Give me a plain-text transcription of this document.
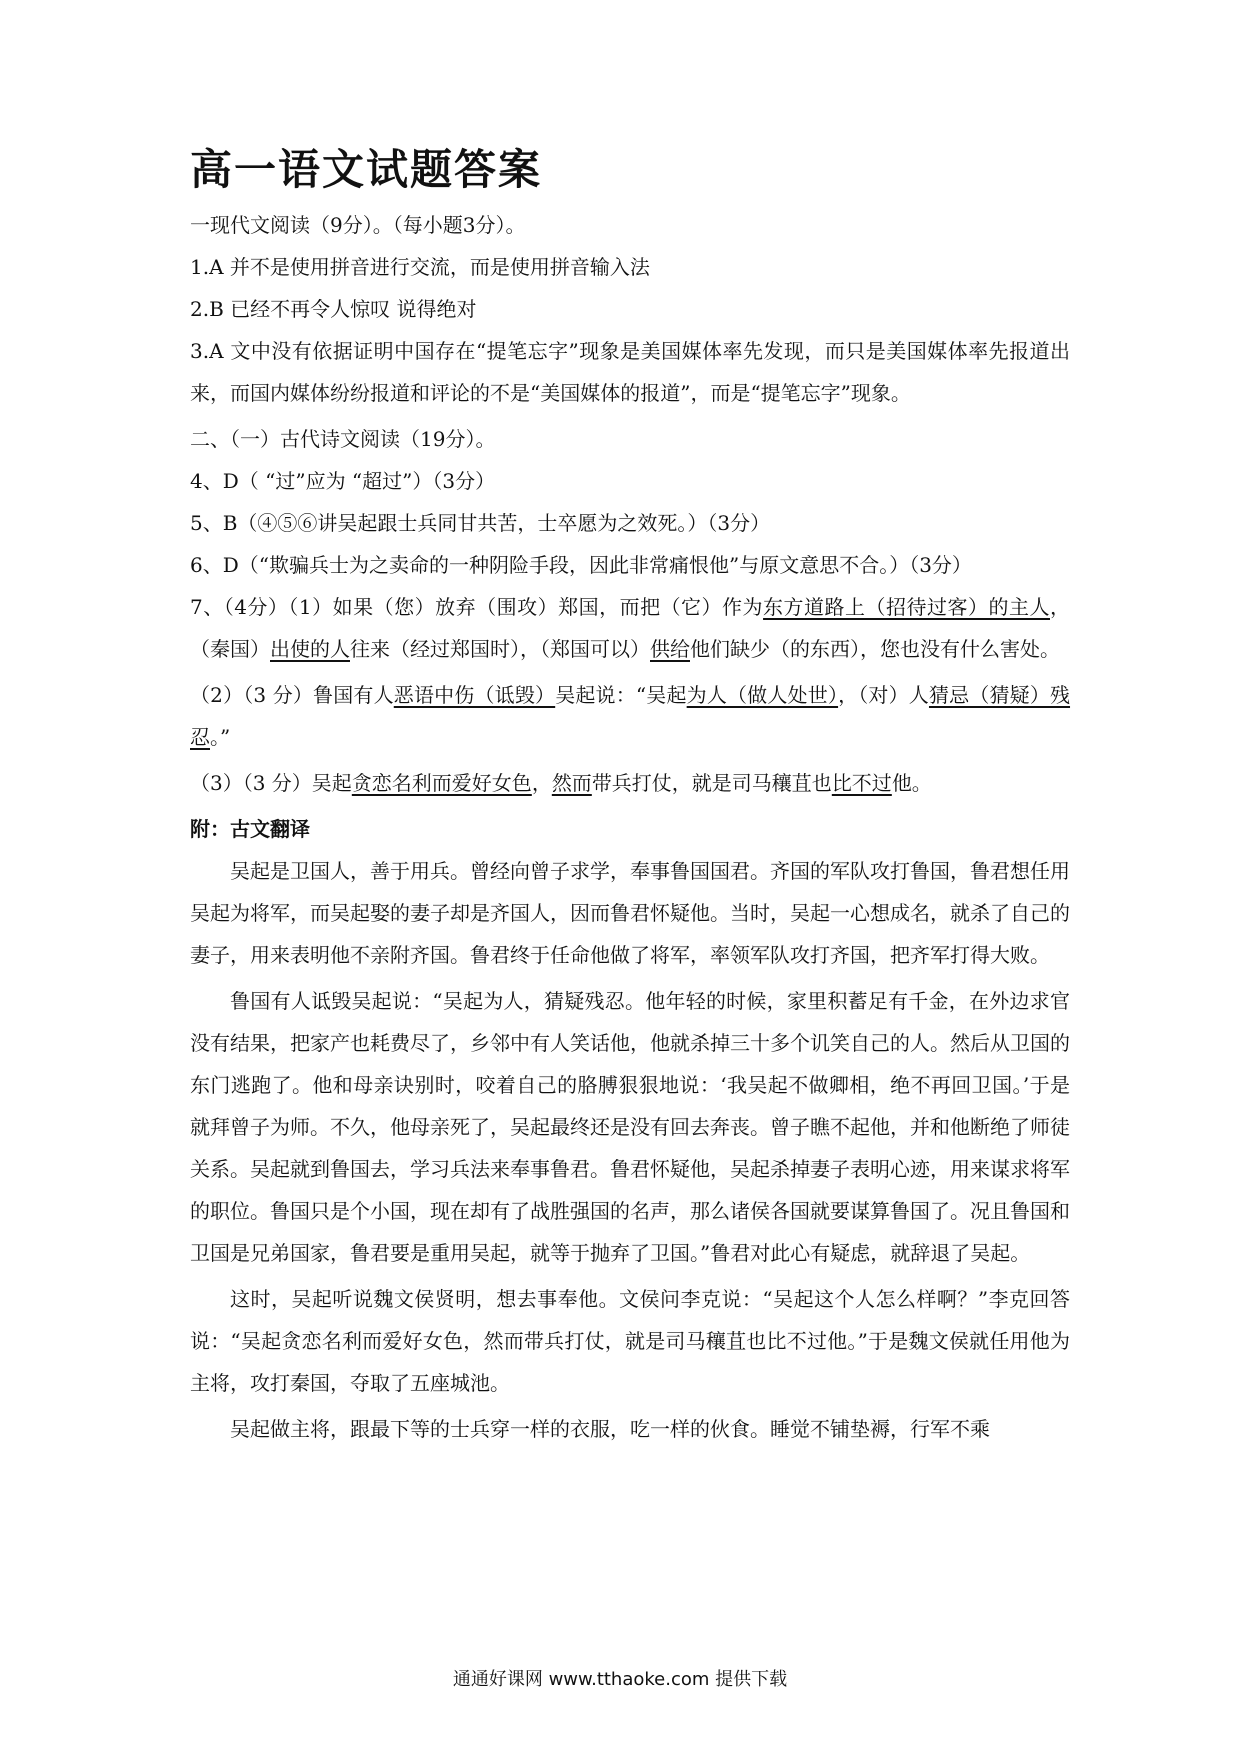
高一语文试题答案

一现代文阅读（9分）。（每小题3分）。

1.A 并不是使用拼音进行交流，而是使用拼音输入法

2.B 已经不再令人惊叹 说得绝对

3.A 文中没有依据证明中国存在“提笔忘字”现象是美国媒体率先发现，而只是美国媒体率先报道出来，而国内媒体纷纷报道和评论的不是“美国媒体的报道”，而是“提笔忘字”现象。

二、（一）古代诗文阅读（19分）。

4、D（ “过”应为 “超过”）（3分）

5、B（④⑤⑥讲吴起跟士兵同甘共苦，士卒愿为之效死。）（3分）

6、D（“欺骗兵士为之卖命的一种阴险手段，因此非常痛恨他”与原文意思不合。）（3分）

7、（4分）（1）如果（您）放弃（围攻）郑国，而把（它）作为东方道路上（招待过客）的主人，（秦国）出使的人往来（经过郑国时），（郑国可以）供给他们缺少（的东西），您也没有什么害处。

（2）（3 分）鲁国有人恶语中伤（诋毁）吴起说：“吴起为人（做人处世），（对）人猜忌（猜疑）残忍。”

（3）（3 分）吴起贪恋名利而爱好女色，然而带兵打仗，就是司马穰苴也比不过他。

附：古文翻译

吴起是卫国人，善于用兵。曾经向曾子求学，奉事鲁国国君。齐国的军队攻打鲁国，鲁君想任用吴起为将军，而吴起娶的妻子却是齐国人，因而鲁君怀疑他。当时，吴起一心想成名，就杀了自己的妻子，用来表明他不亲附齐国。鲁君终于任命他做了将军，率领军队攻打齐国，把齐军打得大败。

鲁国有人诋毁吴起说：“吴起为人，猜疑残忍。他年轻的时候，家里积蓄足有千金，在外边求官没有结果，把家产也耗费尽了，乡邻中有人笑话他，他就杀掉三十多个讥笑自己的人。然后从卫国的东门逃跑了。他和母亲诀别时，咬着自己的胳膊狠狠地说：‘我吴起不做卿相，绝不再回卫国。’于是就拜曾子为师。不久，他母亲死了，吴起最终还是没有回去奔丧。曾子瞧不起他，并和他断绝了师徒关系。吴起就到鲁国去，学习兵法来奉事鲁君。鲁君怀疑他，吴起杀掉妻子表明心迹，用来谋求将军的职位。鲁国只是个小国，现在却有了战胜强国的名声，那么诸侯各国就要谋算鲁国了。况且鲁国和卫国是兄弟国家，鲁君要是重用吴起，就等于抛弃了卫国。”鲁君对此心有疑虑，就辞退了吴起。

这时，吴起听说魏文侯贤明，想去事奉他。文侯问李克说：“吴起这个人怎么样啊？”李克回答说：“吴起贪恋名利而爱好女色，然而带兵打仗，就是司马穰苴也比不过他。”于是魏文侯就任用他为主将，攻打秦国，夺取了五座城池。

吴起做主将，跟最下等的士兵穿一样的衣服，吃一样的伙食。睡觉不铺垫褥，行军不乘

通通好课网 www.tthaoke.com 提供下载
